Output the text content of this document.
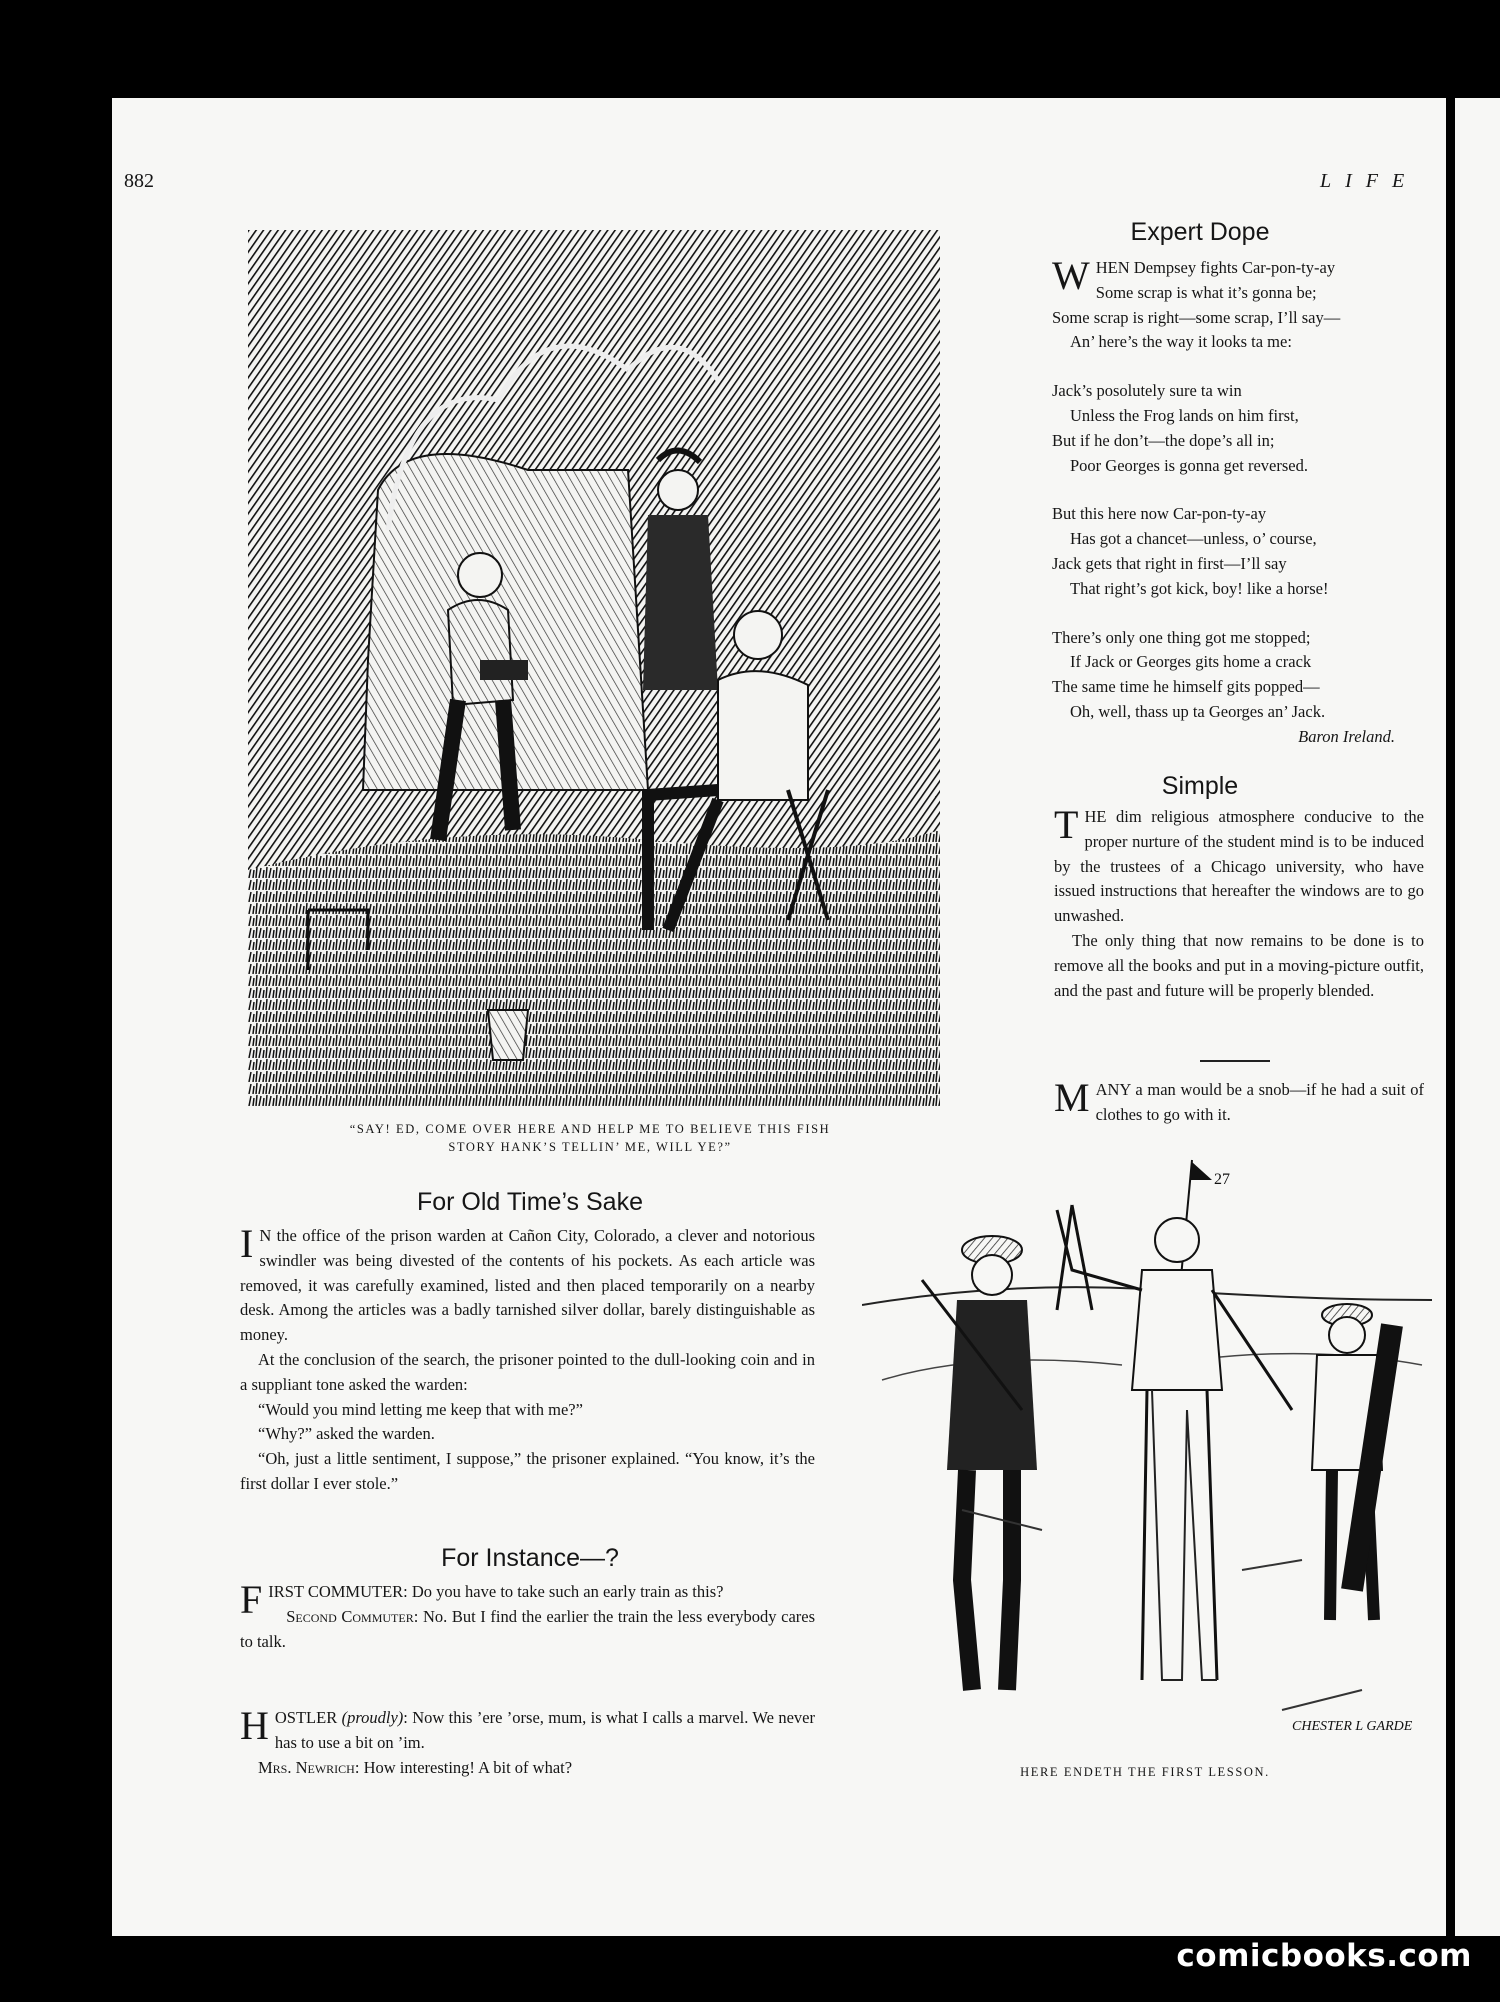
882	LIFE
“SAY! ED, COME OVER HERE AND HELP ME TO BELIEVE THIS FISH
STORY HANK’S TELLIN’ ME, WILL YE?”
Expert Dope
W HEN Dempsey fights Car-pon-ty-ay
Some scrap is what it’s gonna be;
Some scrap is right—some scrap, I’ll say—
An’ here’s the way it looks ta me:
Jack’s posolutely sure ta win
Unless the Frog lands on him first,
But if he don’t—the dope’s all in;
Poor Georges is gonna get reversed.
But this here now Car-pon-ty-ay
Has got a chancet—unless, o’ course,
Jack gets that right in first—I’ll say
That right’s got kick, boy! like a horse!
There’s only one thing got me stopped;
If Jack or Georges gits home a crack
The same time he himself gits popped—
Oh, well, thass up ta Georges an’ Jack.
Baron Ireland.
Simple

THE dim religious atmosphere conducive to the proper nurture of the student mind is to be induced by the trustees of a Chicago university, who have issued instructions that hereafter the windows are to go unwashed.

The only thing that now remains to be done is to remove all the books and put in a moving-picture outfit, and the past and future will be properly blended.

MANY a man would be a snob—if he had a suit of clothes to go with it.

For Old Time’s Sake

I N the office of the prison warden at Cañon City, Colorado, a clever and notorious swindler was being divested of the contents of his pockets. As each article was removed, it was carefully examined, listed and then placed temporarily on a nearby desk. Among the articles was a badly tarnished silver dollar, barely distinguishable as money.

At the conclusion of the search, the prisoner pointed to the dull-looking coin and in a suppliant tone asked the warden:

“Would you mind letting me keep that with me?”

“Why?” asked the warden.

“Oh, just a little sentiment, I suppose,” the prisoner explained. “You know, it’s the first dollar I ever stole.”

For Instance—?

FIRST COMMUTER: Do you have to take such an early train as this?

Second Commuter: No. But I find the earlier the train the less everybody cares to talk.

HOSTLER (proudly): Now this ’ere ’orse, mum, is what I calls a marvel. We never has to use a bit on ’im.

Mrs. Newrich: How interesting! A bit of what?

27
CHESTER L GARDE
HERE ENDETH THE FIRST LESSON.
comicbooks.com
